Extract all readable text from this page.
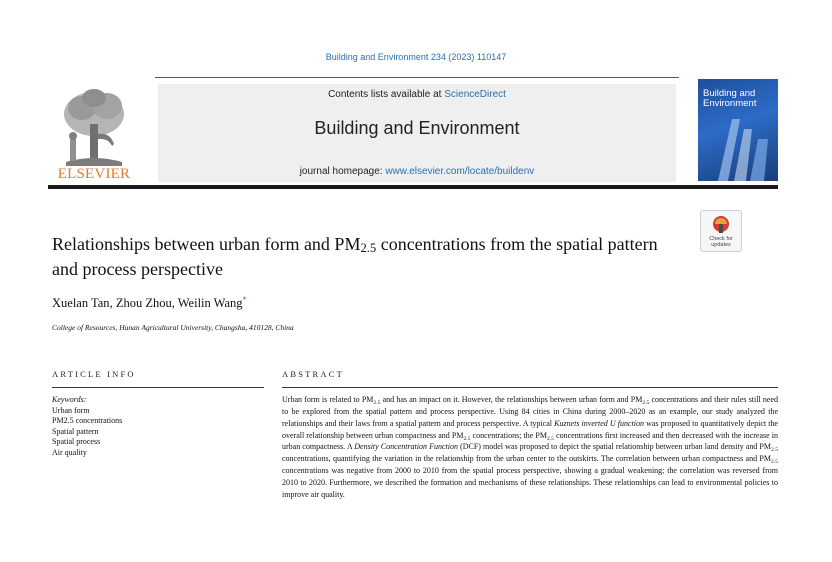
Building and Environment 234 (2023) 110147
ELSEVIER
Contents lists available at ScienceDirect
Building and Environment
journal homepage: www.elsevier.com/locate/buildenv
Building and Environment
Check for updates
Relationships between urban form and $PM_{2.5}$ concentrations from the spatial pattern and process perspective
Xuelan Tan, Zhou Zhou, Weilin Wang*
College of Resources, Hunan Agricultural University, Changsha, 410128, China
ARTICLE INFO	ABSTRACT
Keywords:
Urban form
PM2.5 concentrations
Spatial pattern
Spatial process
Air quality

Urban form is related to $PM_{2.5}$ and has an impact on it. However, the relationships between urban form and $PM_{2.5}$ concentrations and their rules still need to be explored from the spatial pattern and process perspective. Using 84 cities in China during 2000–2020 as an example, our study analyzed the relationships and their laws from a spatial pattern and process perspective. A typical Kuznets inverted U function was proposed to quantitatively depict the overall relationship between urban compactness and $PM_{2.5}$ concentrations; the $PM_{2.5}$ concentrations first increased and then decreased with the increase in urban compactness. A Density Concentration Function (DCF) model was proposed to depict the spatial relationship between urban land density and $PM_{2.5}$ concentrations, quantifying the variation in the relationship from the urban center to the outskirts. The correlation between urban compactness and $PM_{2.5}$ concentrations was negative from 2000 to 2010 from the spatial process perspective, showing a gradual weakening; the correlation was reversed from 2010 to 2020. Furthermore, we described the formation and mechanisms of these relationships. These relationships can lead to environmental policies to improve air quality.
